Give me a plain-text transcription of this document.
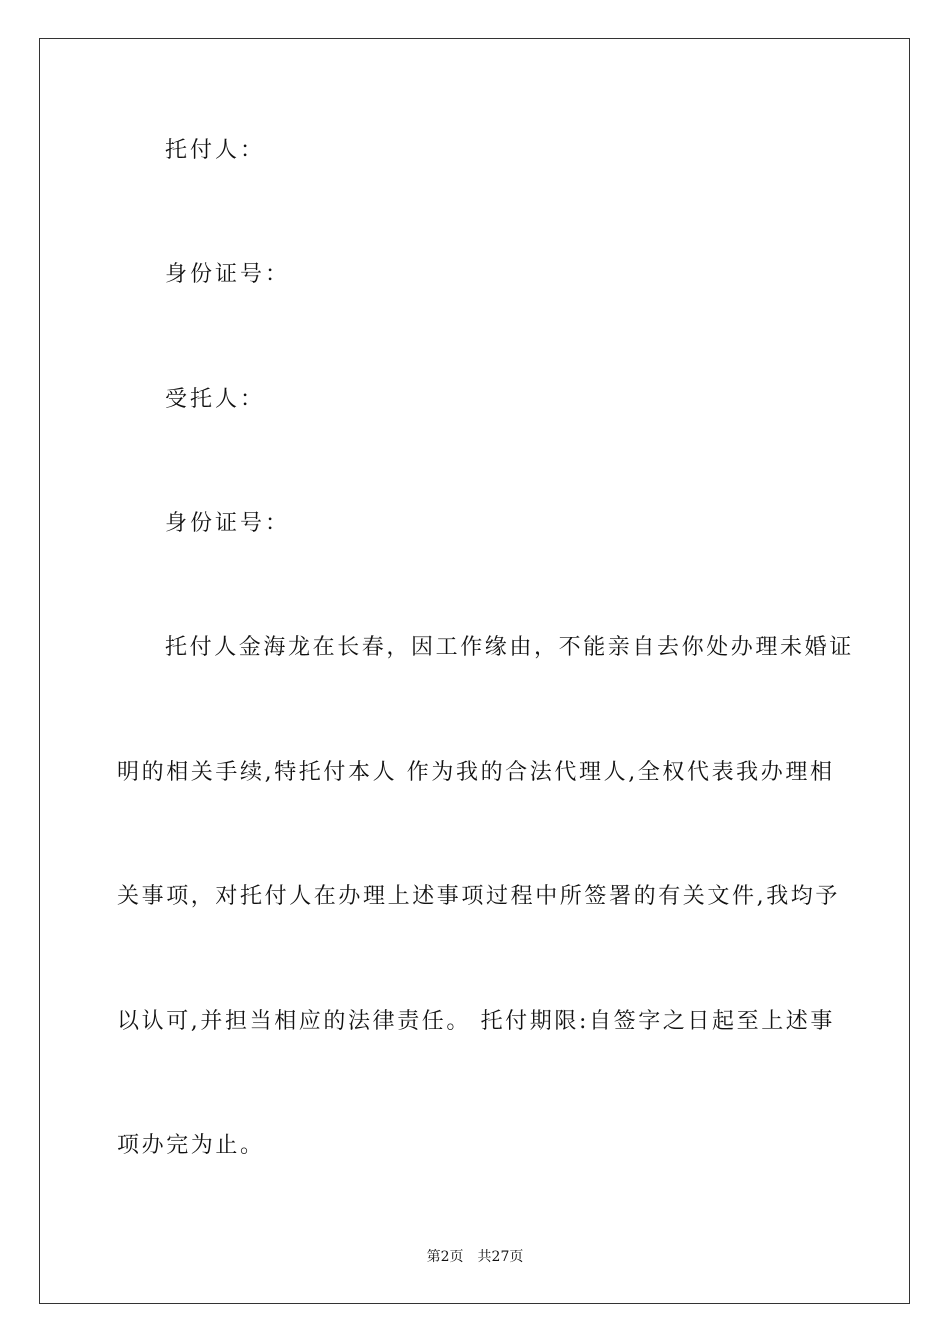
托付人：
身份证号：
受托人：
身份证号：
托付人金海龙在长春，因工作缘由，不能亲自去你处办理未婚证
明的相关手续,特托付本人 作为我的合法代理人,全权代表我办理相
关事项，对托付人在办理上述事项过程中所签署的有关文件,我均予
以认可,并担当相应的法律责任。 托付期限:自签字之日起至上述事
项办完为止。
第2页　共27页
